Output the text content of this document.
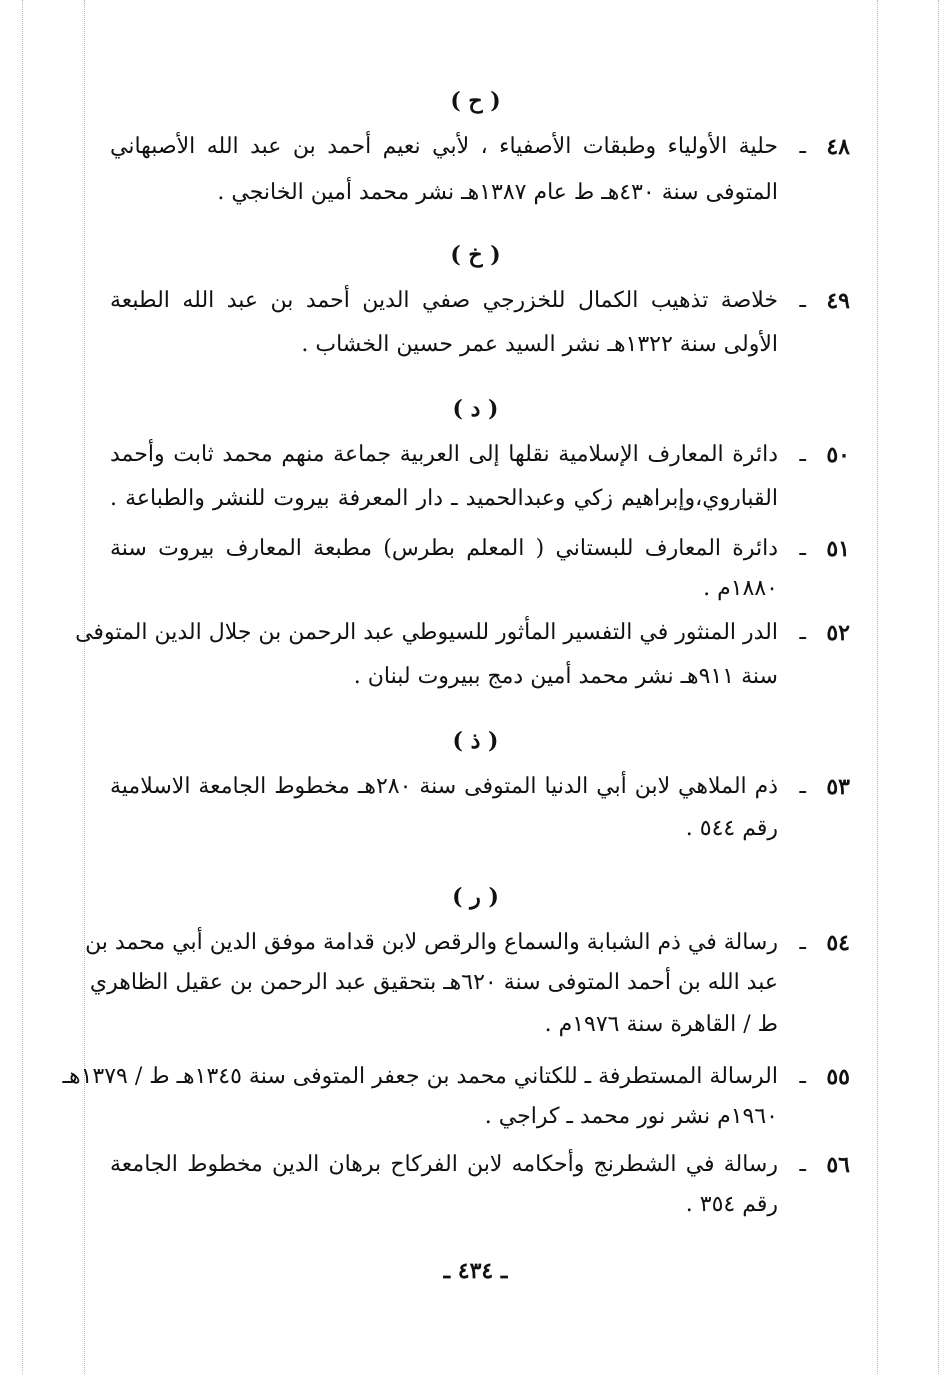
( ح )
٤٨
ـ
حلية الأولياء وطبقات الأصفياء ، لأبي نعيم أحمد بن عبد الله الأصبهاني
المتوفى سنة ٤٣٠هـ ط عام ١٣٨٧هـ نشر محمد أمين الخانجي .
( خ )
٤٩
ـ
خلاصة تذهيب الكمال للخزرجي صفي الدين أحمد بن عبد الله الطبعة
الأولى سنة ١٣٢٢هـ نشر السيد عمر حسين الخشاب .
( د )
٥٠
ـ
دائرة المعارف الإسلامية نقلها إلى العربية جماعة منهم محمد ثابت وأحمد
القباروي،وإبراهيم زكي وعبدالحميد ـ دار المعرفة بيروت للنشر والطباعة .
٥١
ـ
دائرة المعارف للبستاني ( المعلم بطرس) مطبعة المعارف بيروت سنة
١٨٨٠م .
٥٢
ـ
الدر المنثور في التفسير المأثور للسيوطي عبد الرحمن بن جلال الدين المتوفى
سنة ٩١١هـ نشر محمد أمين دمج ببيروت لبنان .
( ذ )
٥٣
ـ
ذم الملاهي لابن أبي الدنيا المتوفى سنة ٢٨٠هـ مخطوط الجامعة الاسلامية
رقم ٥٤٤ .
( ر )
٥٤
ـ
رسالة في ذم الشبابة والسماع والرقص لابن قدامة موفق الدين أبي محمد بن
عبد الله بن أحمد المتوفى سنة ٦٢٠هـ بتحقيق عبد الرحمن بن عقيل الظاهري
ط / القاهرة سنة ١٩٧٦م .
٥٥
ـ
الرسالة المستطرفة ـ للكتاني محمد بن جعفر المتوفى سنة ١٣٤٥هـ ط / ١٣٧٩هـ
١٩٦٠م نشر نور محمد ـ كراجي .
٥٦
ـ
رسالة في الشطرنج وأحكامه لابن الفركاح برهان الدين مخطوط الجامعة
رقم ٣٥٤ .
ـ ٤٣٤ ـ
